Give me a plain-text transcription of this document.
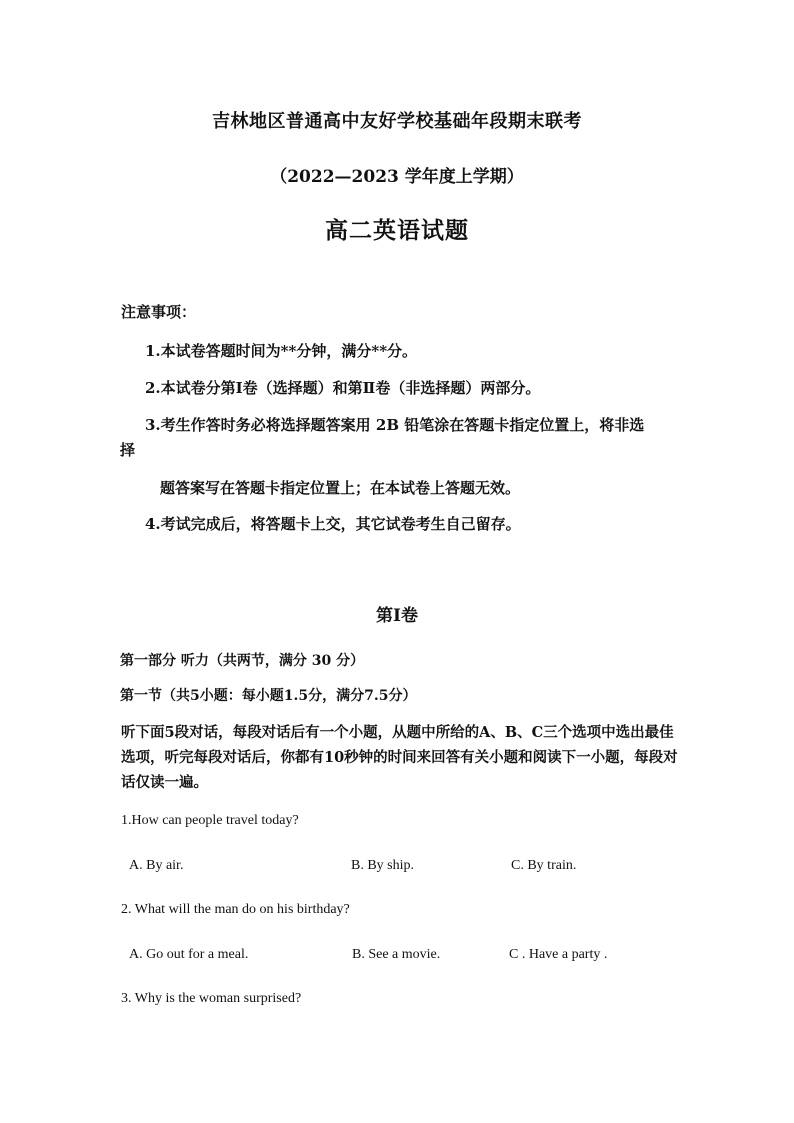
吉林地区普通高中友好学校基础年段期末联考

（2022—2023 学年度上学期）

高二英语试题

注意事项：

1.本试卷答题时间为**分钟，满分**分。

2.本试卷分第Ⅰ卷（选择题）和第Ⅱ卷（非选择题）两部分。

3.考生作答时务必将选择题答案用 2B 铅笔涂在答题卡指定位置上，将非选

择

题答案写在答题卡指定位置上；在本试卷上答题无效。

4.考试完成后，将答题卡上交，其它试卷考生自己留存。

第Ⅰ卷

第一部分 听力（共两节，满分 30 分）

第一节（共5小题：每小题1.5分，满分7.5分）

听下面5段对话，每段对话后有一个小题，从题中所给的A、B、C三个选项中选出最佳选项，听完每段对话后，你都有10秒钟的时间来回答有关小题和阅读下一小题，每段对话仅读一遍。

1.How can people travel today?

A. By air.	B. By ship.	C. By train.

2. What will the man do on his birthday?

A. Go out for a meal.	B. See a movie.	C . Have a party .

3. Why is the woman surprised?
